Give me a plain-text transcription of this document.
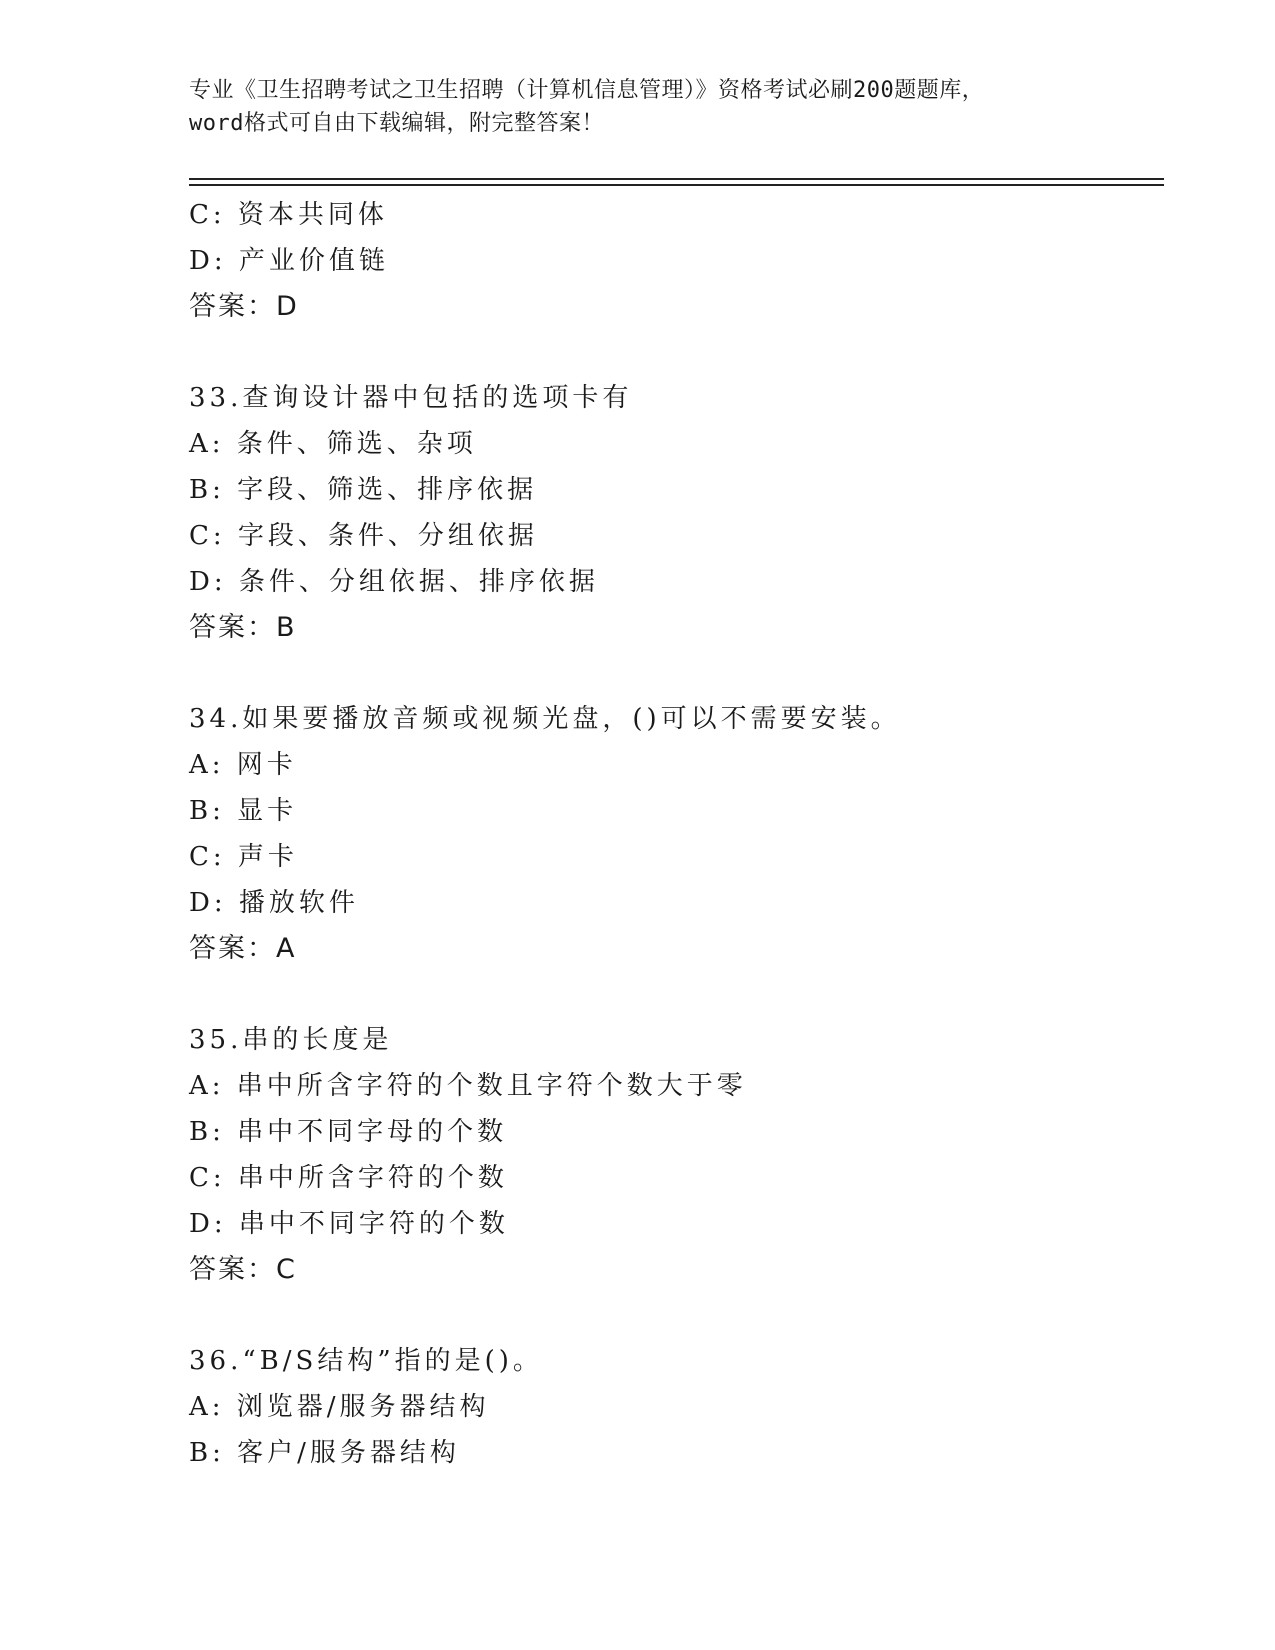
专业《卫生招聘考试之卫生招聘（计算机信息管理）》资格考试必刷200题题库，
word格式可自由下载编辑，附完整答案！
C: 资本共同体
D: 产业价值链
答案：D
33.查询设计器中包括的选项卡有
A: 条件、筛选、杂项
B: 字段、筛选、排序依据
C: 字段、条件、分组依据
D: 条件、分组依据、排序依据
答案：B
34.如果要播放音频或视频光盘，()可以不需要安装。
A: 网卡
B: 显卡
C: 声卡
D: 播放软件
答案：A
35.串的长度是
A: 串中所含字符的个数且字符个数大于零
B: 串中不同字母的个数
C: 串中所含字符的个数
D: 串中不同字符的个数
答案：C
36.“B/S结构”指的是()。
A: 浏览器/服务器结构
B: 客户/服务器结构
